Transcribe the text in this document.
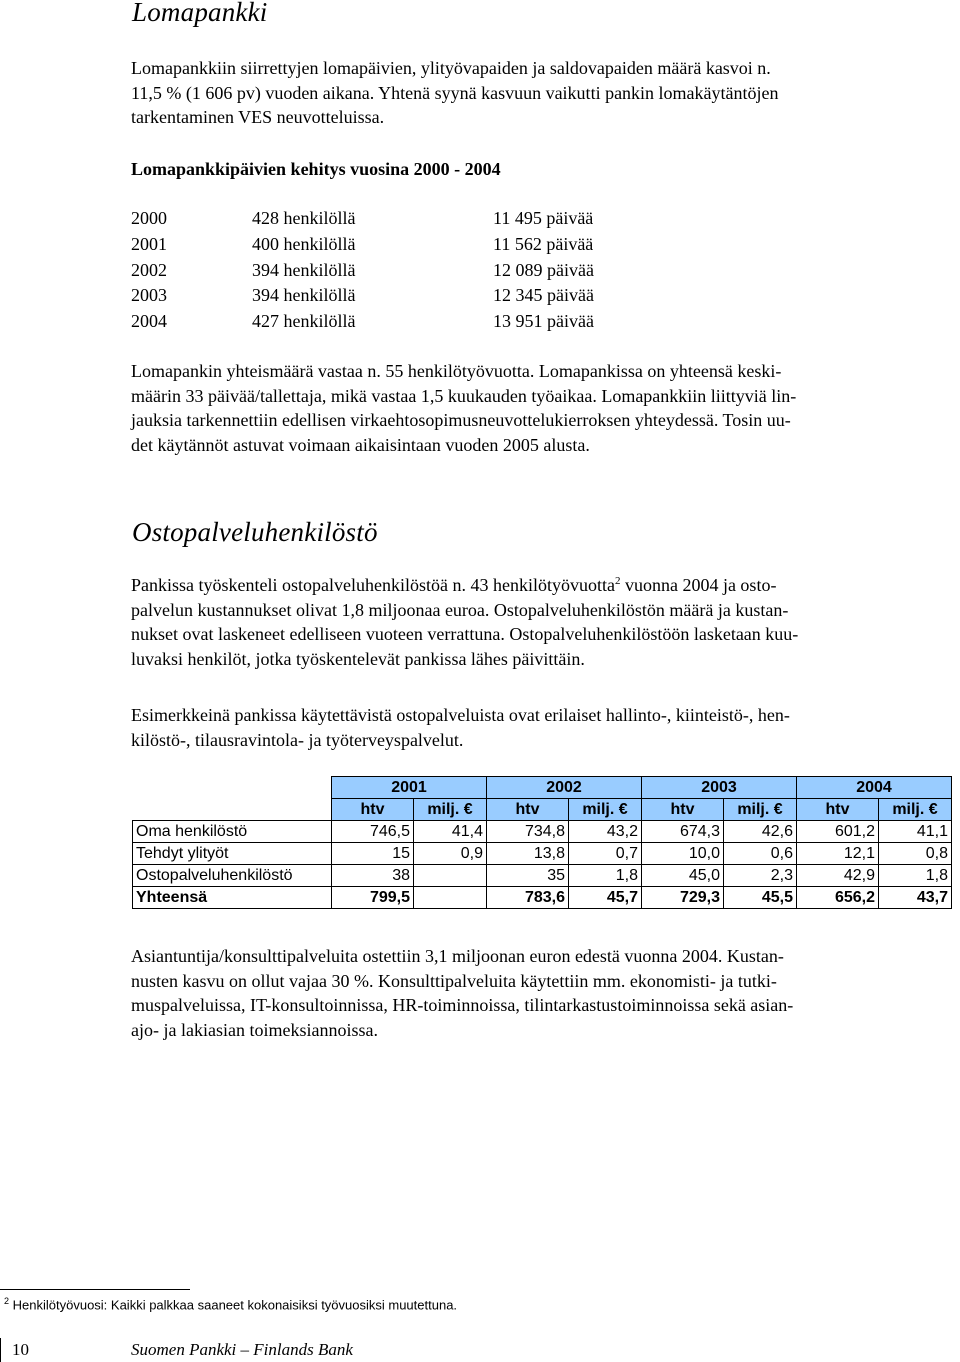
Lomapankki

Lomapankkiin siirrettyjen lomapäivien, ylityövapaiden ja saldovapaiden määrä kasvoi n.

11,5 % (1 606 pv) vuoden aikana. Yhtenä syynä kasvuun vaikutti pankin lomakäytäntöjen

tarkentaminen VES neuvotteluissa.

Lomapankkipäivien kehitys vuosina 2000 - 2004
2000	428 henkilöllä	11 495 päivää
2001	400 henkilöllä	11 562 päivää
2002	394 henkilöllä	12 089 päivää
2003	394 henkilöllä	12 345 päivää
2004	427 henkilöllä	13 951 päivää

Lomapankin yhteismäärä vastaa n. 55 henkilötyövuotta. Lomapankissa on yhteensä keski-

määrin 33 päivää/tallettaja, mikä vastaa 1,5 kuukauden työaikaa. Lomapankkiin liittyviä lin-

jauksia tarkennettiin edellisen virkaehtosopimusneuvottelukierroksen yhteydessä. Tosin uu-

det käytännöt astuvat voimaan aikaisintaan vuoden 2005 alusta.

Ostopalveluhenkilöstö

Pankissa työskenteli ostopalveluhenkilöstöä n. 43 henkilötyövuotta$^2$ vuonna 2004 ja osto-

palvelun kustannukset olivat 1,8 miljoonaa euroa. Ostopalveluhenkilöstön määrä ja kustan-

nukset ovat laskeneet edelliseen vuoteen verrattuna. Ostopalveluhenkilöstöön lasketaan kuu-

luvaksi henkilöt, jotka työskentelevät pankissa lähes päivittäin.

Esimerkkeinä pankissa käytettävistä ostopalveluista ovat erilaiset hallinto-, kiinteistö-, hen-

kilöstö-, tilausravintola- ja työterveyspalvelut.

	2001		2002		2003		2004	
	htv	milj. €	htv	milj. €	htv	milj. €	htv	milj. €
Oma henkilöstö	746,5	41,4	734,8	43,2	674,3	42,6	601,2	41,1
Tehdyt ylityöt	15	0,9	13,8	0,7	10,0	0,6	12,1	0,8
Ostopalveluhenkilöstö	38		35	1,8	45,0	2,3	42,9	1,8
Yhteensä	799,5		783,6	45,7	729,3	45,5	656,2	43,7

Asiantuntija/konsulttipalveluita ostettiin 3,1 miljoonan euron edestä vuonna 2004. Kustan-

nusten kasvu on ollut vajaa 30 %. Konsulttipalveluita käytettiin mm. ekonomisti- ja tutki-

muspalveluissa, IT-konsultoinnissa, HR-toiminnoissa, tilintarkastustoiminnoissa sekä asian-

ajo- ja lakiasian toimeksiannoissa.

$^2$ Henkilötyövuosi: Kaikki palkkaa saaneet kokonaisiksi työvuosiksi muutettuna.
10	Suomen Pankki – Finlands Bank
